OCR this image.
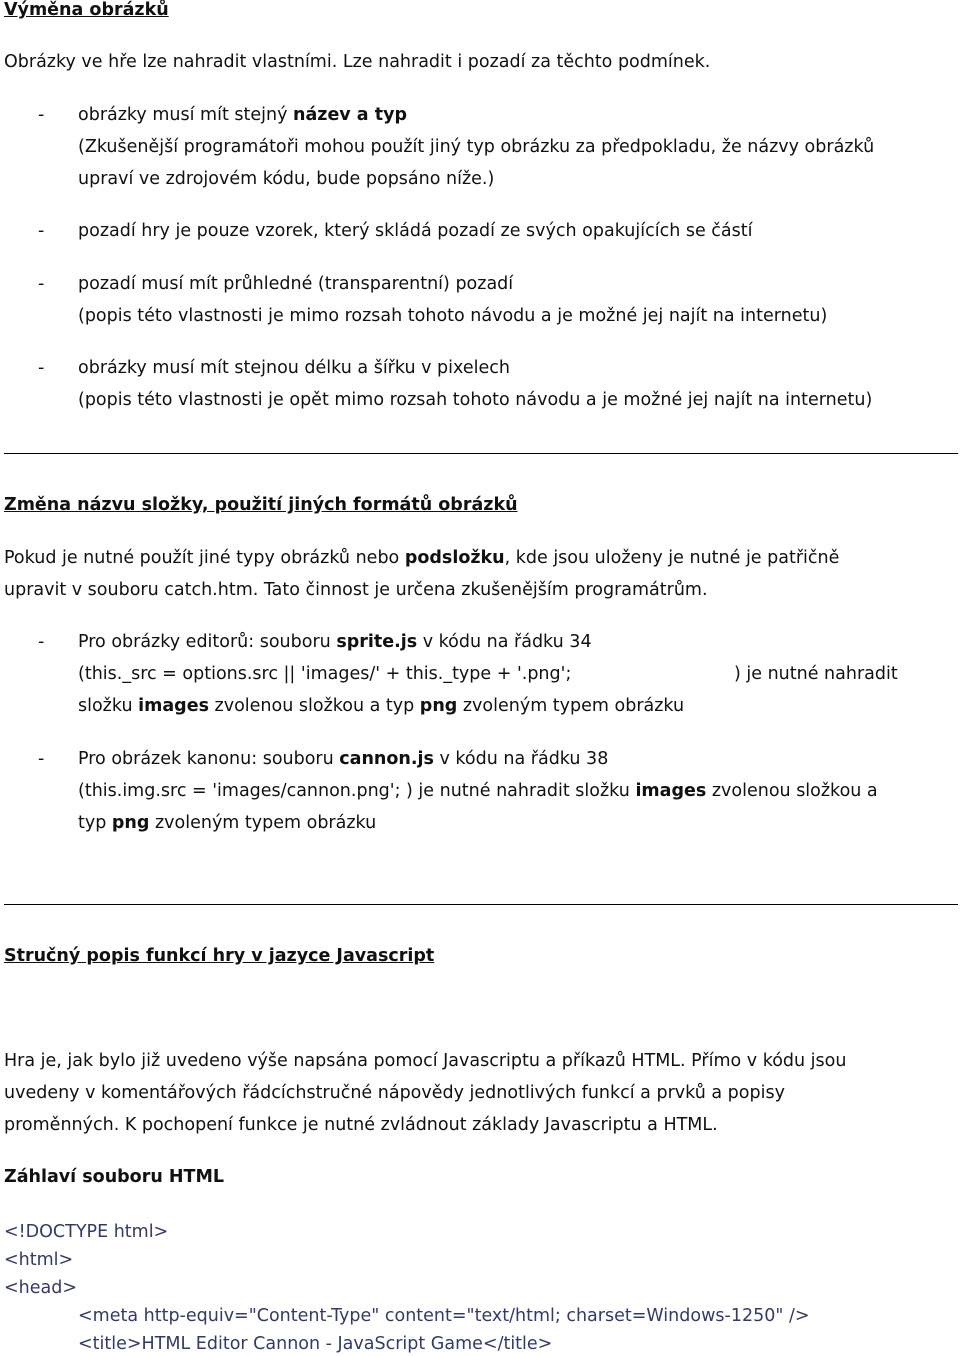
Výměna obrázků
Obrázky ve hře lze nahradit vlastními. Lze nahradit i pozadí za těchto podmínek.
- obrázky musí mít stejný název a typ
(Zkušenější programátoři mohou použít jiný typ obrázku za předpokladu, že názvy obrázků
upraví ve zdrojovém kódu, bude popsáno níže.)
- pozadí hry je pouze vzorek, který skládá pozadí ze svých opakujících se částí
- pozadí musí mít průhledné (transparentní) pozadí
(popis této vlastnosti je mimo rozsah tohoto návodu a je možné jej najít na internetu)
- obrázky musí mít stejnou délku a šířku v pixelech
(popis této vlastnosti je opět mimo rozsah tohoto návodu a je možné jej najít na internetu)
Změna názvu složky, použití jiných formátů obrázků
Pokud je nutné použít jiné typy obrázků nebo podsložku, kde jsou uloženy je nutné je patřičně
upravit v souboru catch.htm. Tato činnost je určena zkušenějším programátrům.
- Pro obrázky editorů: souboru sprite.js v kódu na řádku 34
(this._src = options.src || 'images/' + this._type + '.png';	) je nutné nahradit
složku images zvolenou složkou a typ png zvoleným typem obrázku
- Pro obrázek kanonu: souboru cannon.js v kódu na řádku 38
(this.img.src = 'images/cannon.png'; ) je nutné nahradit složku images zvolenou složkou a
typ png zvoleným typem obrázku
Stručný popis funkcí hry v jazyce Javascript
Hra je, jak bylo již uvedeno výše napsána pomocí Javascriptu a příkazů HTML. Přímo v kódu jsou
uvedeny v komentářových řádcíchstručné nápovědy jednotlivých funkcí a prvků a popisy
proměnných. K pochopení funkce je nutné zvládnout základy Javascriptu a HTML.
Záhlaví souboru HTML
<!DOCTYPE html>
<html>
<head>
<meta http-equiv="Content-Type" content="text/html; charset=Windows-1250" />
<title>HTML Editor Cannon - JavaScript Game</title>
